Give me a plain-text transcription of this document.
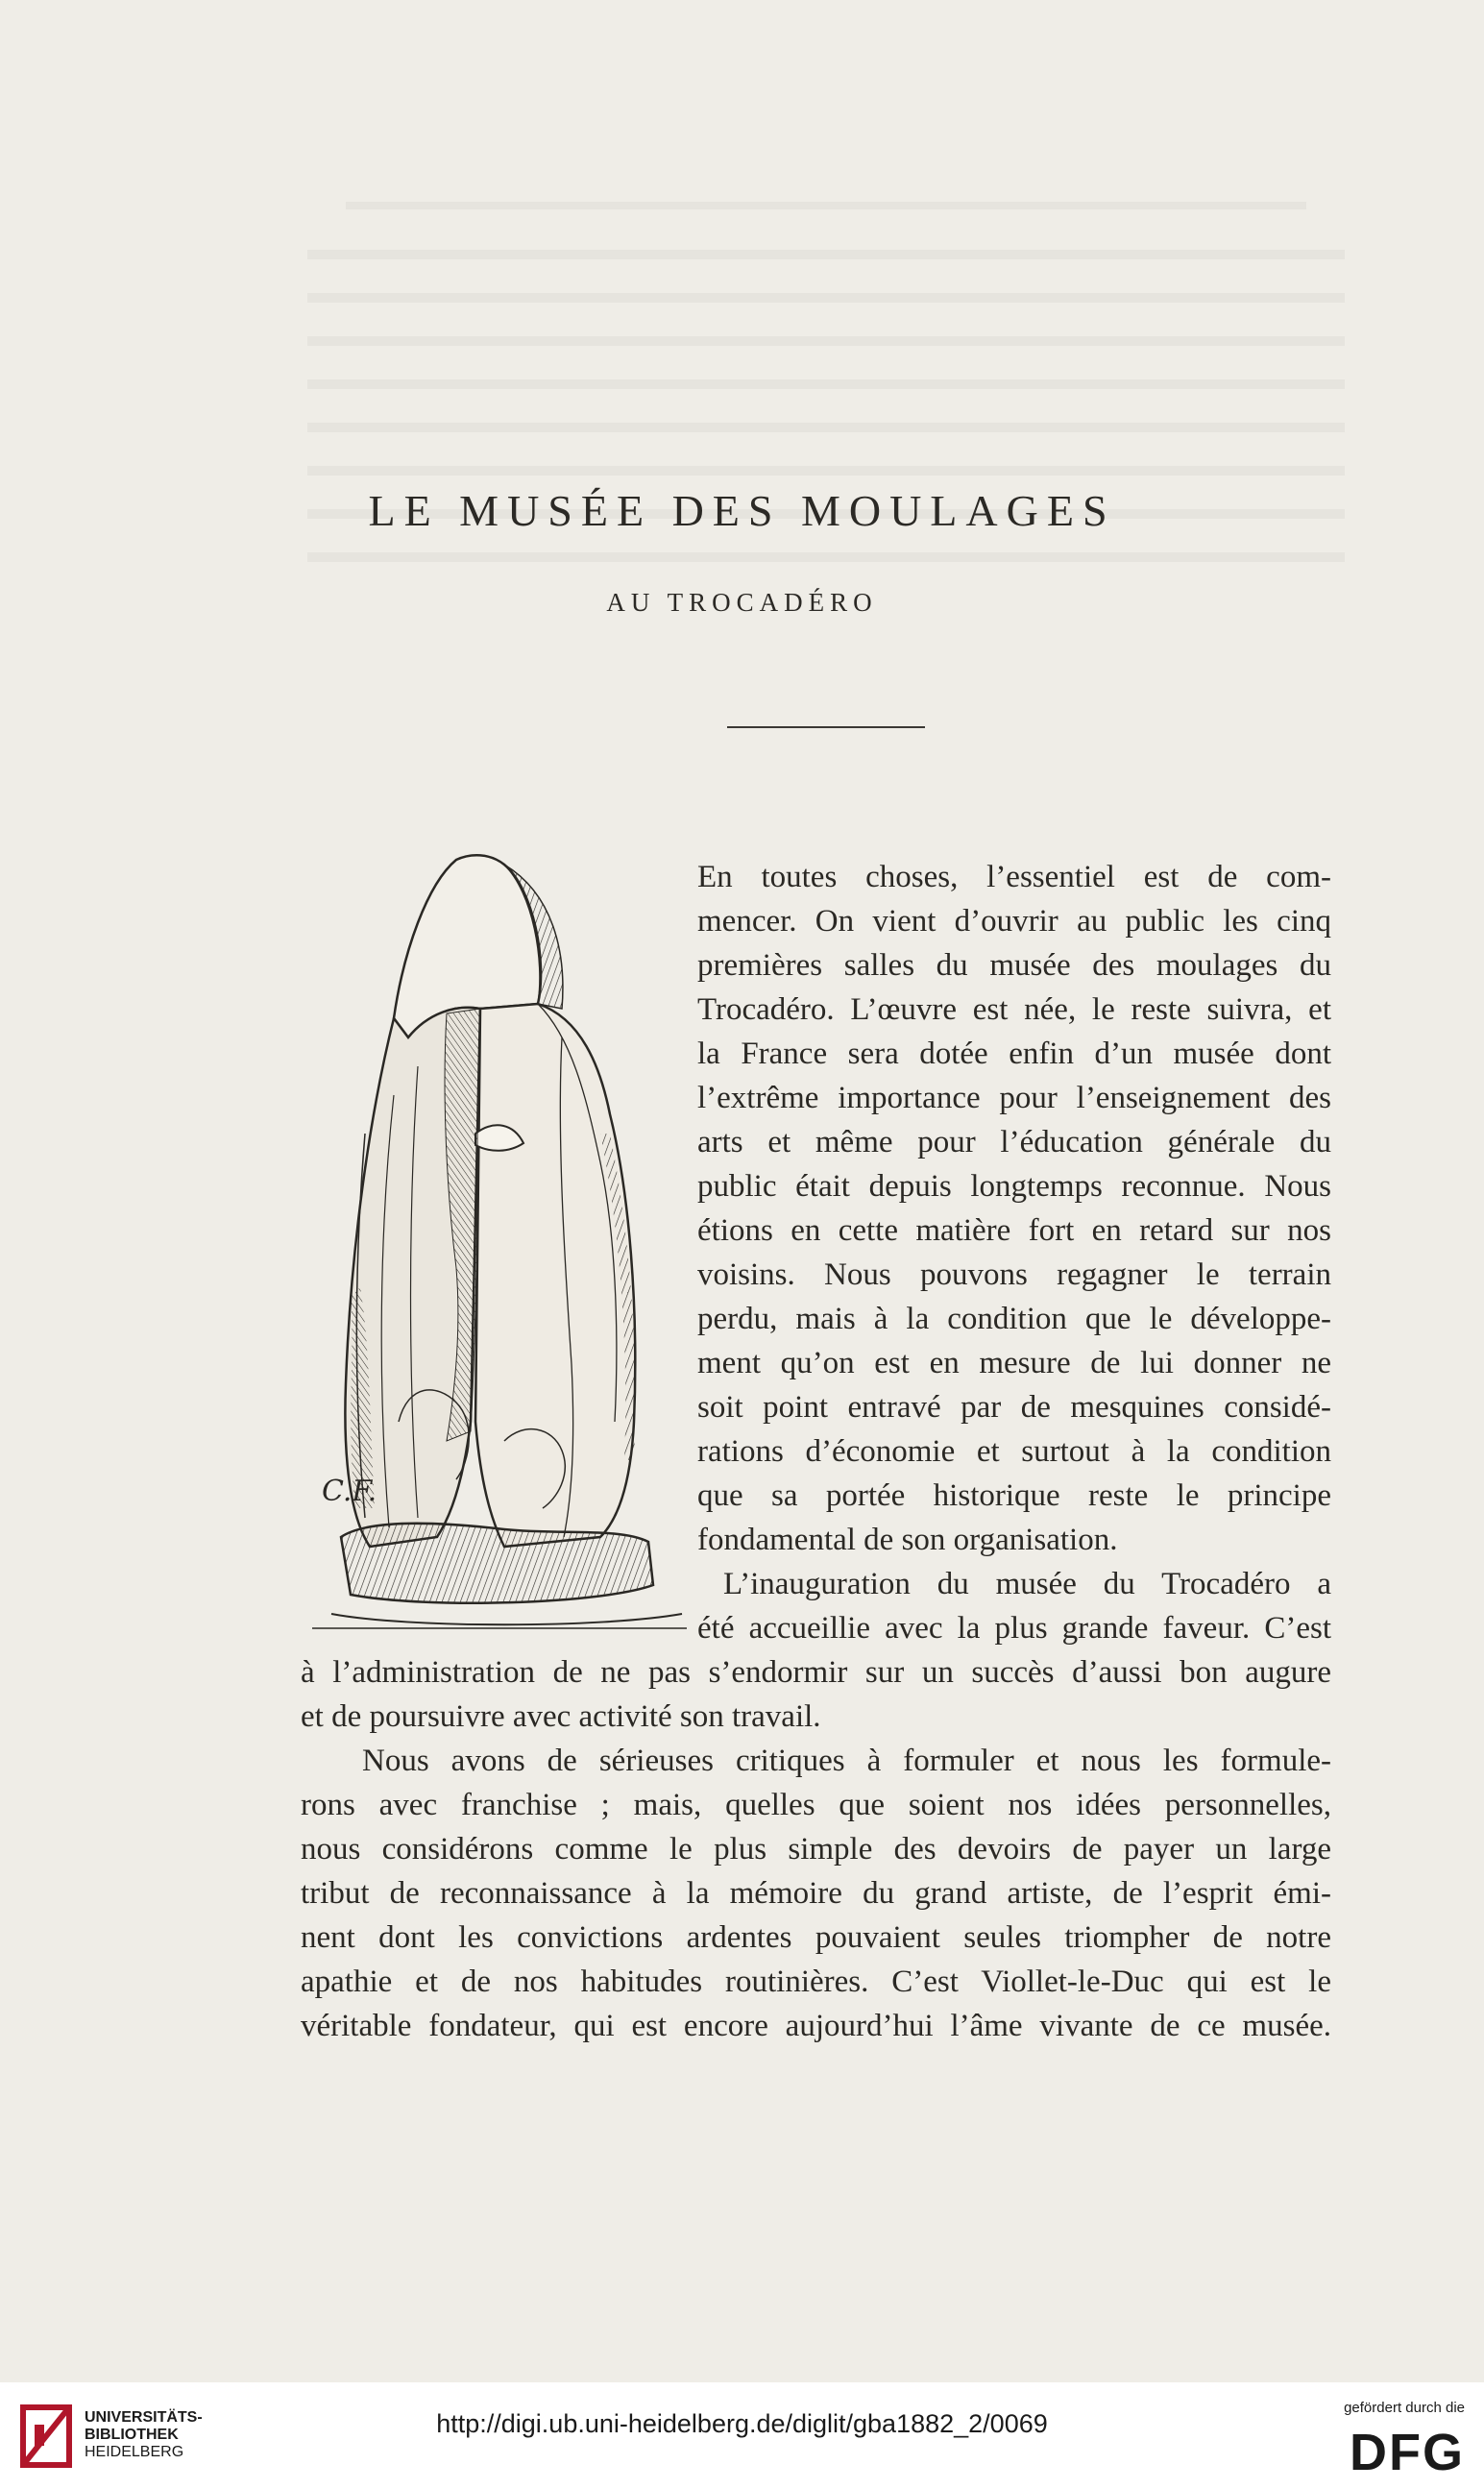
LE MUSÉE DES MOULAGES
AU TROCADÉRO
C.F.
En toutes choses, l’essentiel est de com-
mencer. On vient d’ouvrir au public les cinq
premières salles du musée des moulages du
Trocadéro. L’œuvre est née, le reste suivra, et
la France sera dotée enfin d’un musée dont
l’extrême importance pour l’enseignement des
arts et même pour l’éducation générale du
public était depuis longtemps reconnue. Nous
étions en cette matière fort en retard sur nos
voisins. Nous pouvons regagner le terrain
perdu, mais à la condition que le développe-
ment qu’on est en mesure de lui donner ne
soit point entravé par de mesquines considé-
rations d’économie et surtout à la condition
que sa portée historique reste le principe
fondamental de son organisation.
L’inauguration du musée du Trocadéro a
été accueillie avec la plus grande faveur. C’est
à l’administration de ne pas s’endormir sur un succès d’aussi bon augure
et de poursuivre avec activité son travail.
Nous avons de sérieuses critiques à formuler et nous les formule-
rons avec franchise ; mais, quelles que soient nos idées personnelles,
nous considérons comme le plus simple des devoirs de payer un large
tribut de reconnaissance à la mémoire du grand artiste, de l’esprit émi-
nent dont les convictions ardentes pouvaient seules triompher de notre
apathie et de nos habitudes routinières. C’est Viollet-le-Duc qui est le
véritable fondateur, qui est encore aujourd’hui l’âme vivante de ce musée.
UNIVERSITÄTS-
BIBLIOTHEK
HEIDELBERG
http://digi.ub.uni-heidelberg.de/diglit/gba1882_2/0069
gefördert durch die
DFG
